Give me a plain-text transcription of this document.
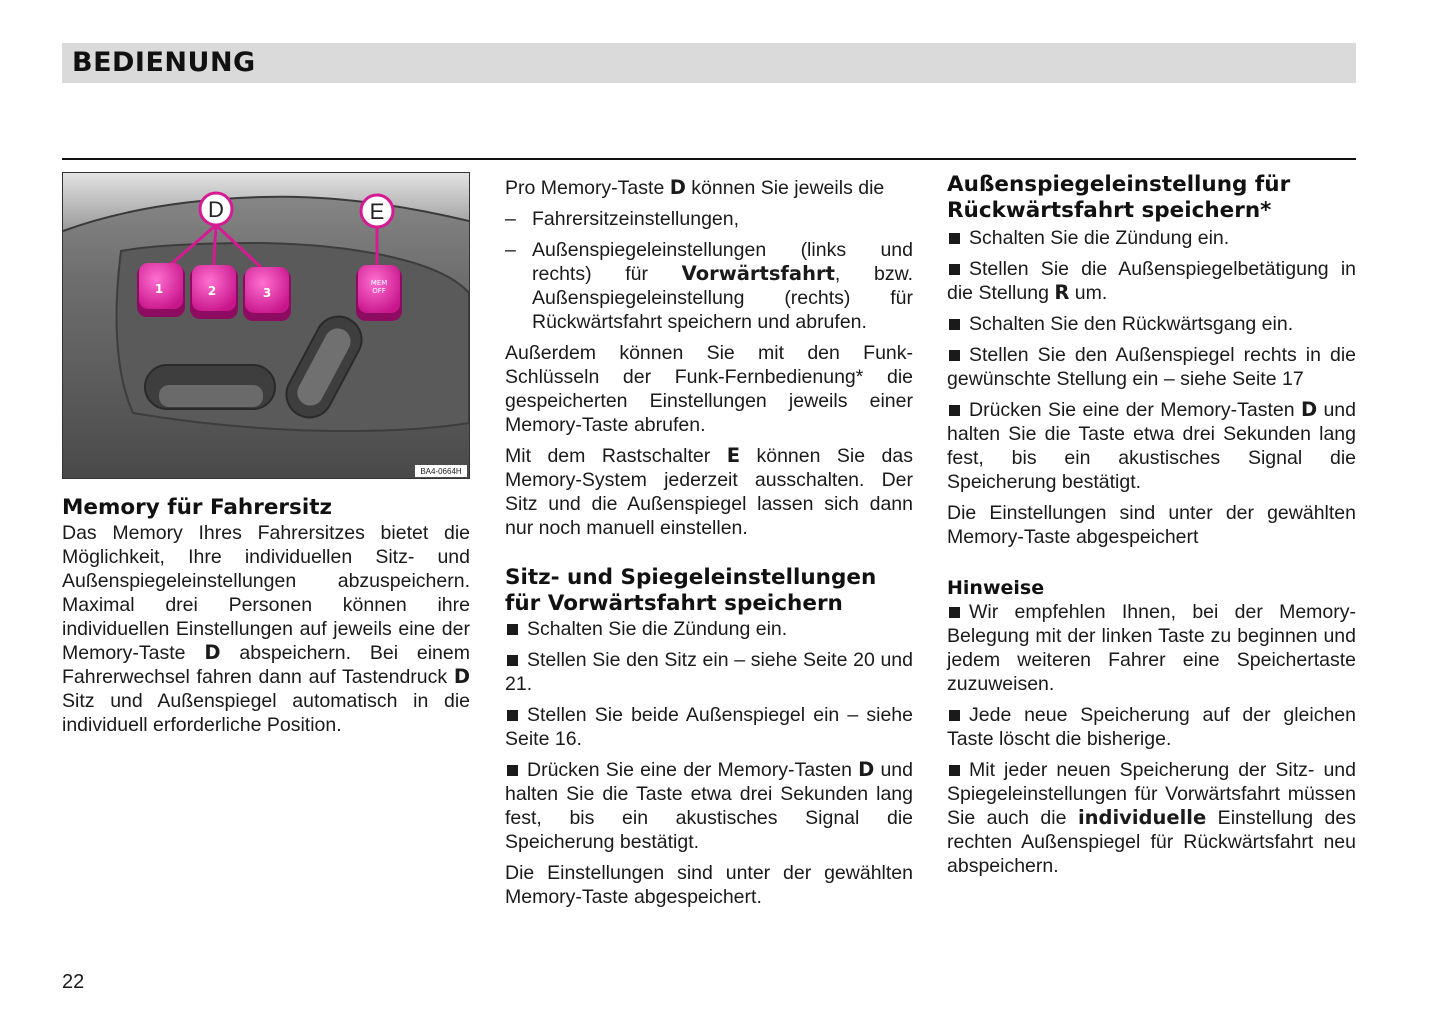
BEDIENUNG
1	2	3
MEM
OFF
D	E
BA4-0664H
Memory für Fahrersitz

Das Memory Ihres Fahrersitzes bietet die Möglichkeit, Ihre individuellen Sitz- und Außenspiegeleinstellungen abzuspeichern. Maximal drei Personen können ihre individuellen Einstellungen auf jeweils eine der Memory-Taste D abspeichern. Bei einem Fahrerwechsel fahren dann auf Tastendruck D Sitz und Außenspiegel automatisch in die individuell erforderliche Position.

Pro Memory-Taste D können Sie jeweils die

– Fahrersitzeinstellungen,
– Außenspiegeleinstellungen (links und rechts) für Vorwärtsfahrt, bzw. Außenspiegeleinstellung (rechts) für Rückwärtsfahrt speichern und abrufen.

Außerdem können Sie mit den Funk-Schlüsseln der Funk-Fernbedienung* die gespeicherten Einstellungen jeweils einer Memory-Taste abrufen.

Mit dem Rastschalter E können Sie das Memory-System jederzeit ausschalten. Der Sitz und die Außenspiegel lassen sich dann nur noch manuell einstellen.

Sitz- und Spiegeleinstellungen für Vorwärtsfahrt speichern

Schalten Sie die Zündung ein.

Stellen Sie den Sitz ein – siehe Seite 20 und 21.

Stellen Sie beide Außenspiegel ein – siehe Seite 16.

Drücken Sie eine der Memory-Tasten D und halten Sie die Taste etwa drei Sekunden lang fest, bis ein akustisches Signal die Speicherung bestätigt.

Die Einstellungen sind unter der gewählten Memory-Taste abgespeichert.

Außenspiegeleinstellung für Rückwärtsfahrt speichern*

Schalten Sie die Zündung ein.

Stellen Sie die Außenspiegelbetätigung in die Stellung R um.

Schalten Sie den Rückwärtsgang ein.

Stellen Sie den Außenspiegel rechts in die gewünschte Stellung ein – siehe Seite 17

Drücken Sie eine der Memory-Tasten D und halten Sie die Taste etwa drei Sekunden lang fest, bis ein akustisches Signal die Speicherung bestätigt.

Die Einstellungen sind unter der gewählten Memory-Taste abgespeichert

Hinweise

Wir empfehlen Ihnen, bei der Memory-Belegung mit der linken Taste zu beginnen und jedem weiteren Fahrer eine Speichertaste zuzuweisen.

Jede neue Speicherung auf der gleichen Taste löscht die bisherige.

Mit jeder neuen Speicherung der Sitz- und Spiegeleinstellungen für Vorwärtsfahrt müssen Sie auch die individuelle Einstellung des rechten Außenspiegel für Rückwärtsfahrt neu abspeichern.

22
